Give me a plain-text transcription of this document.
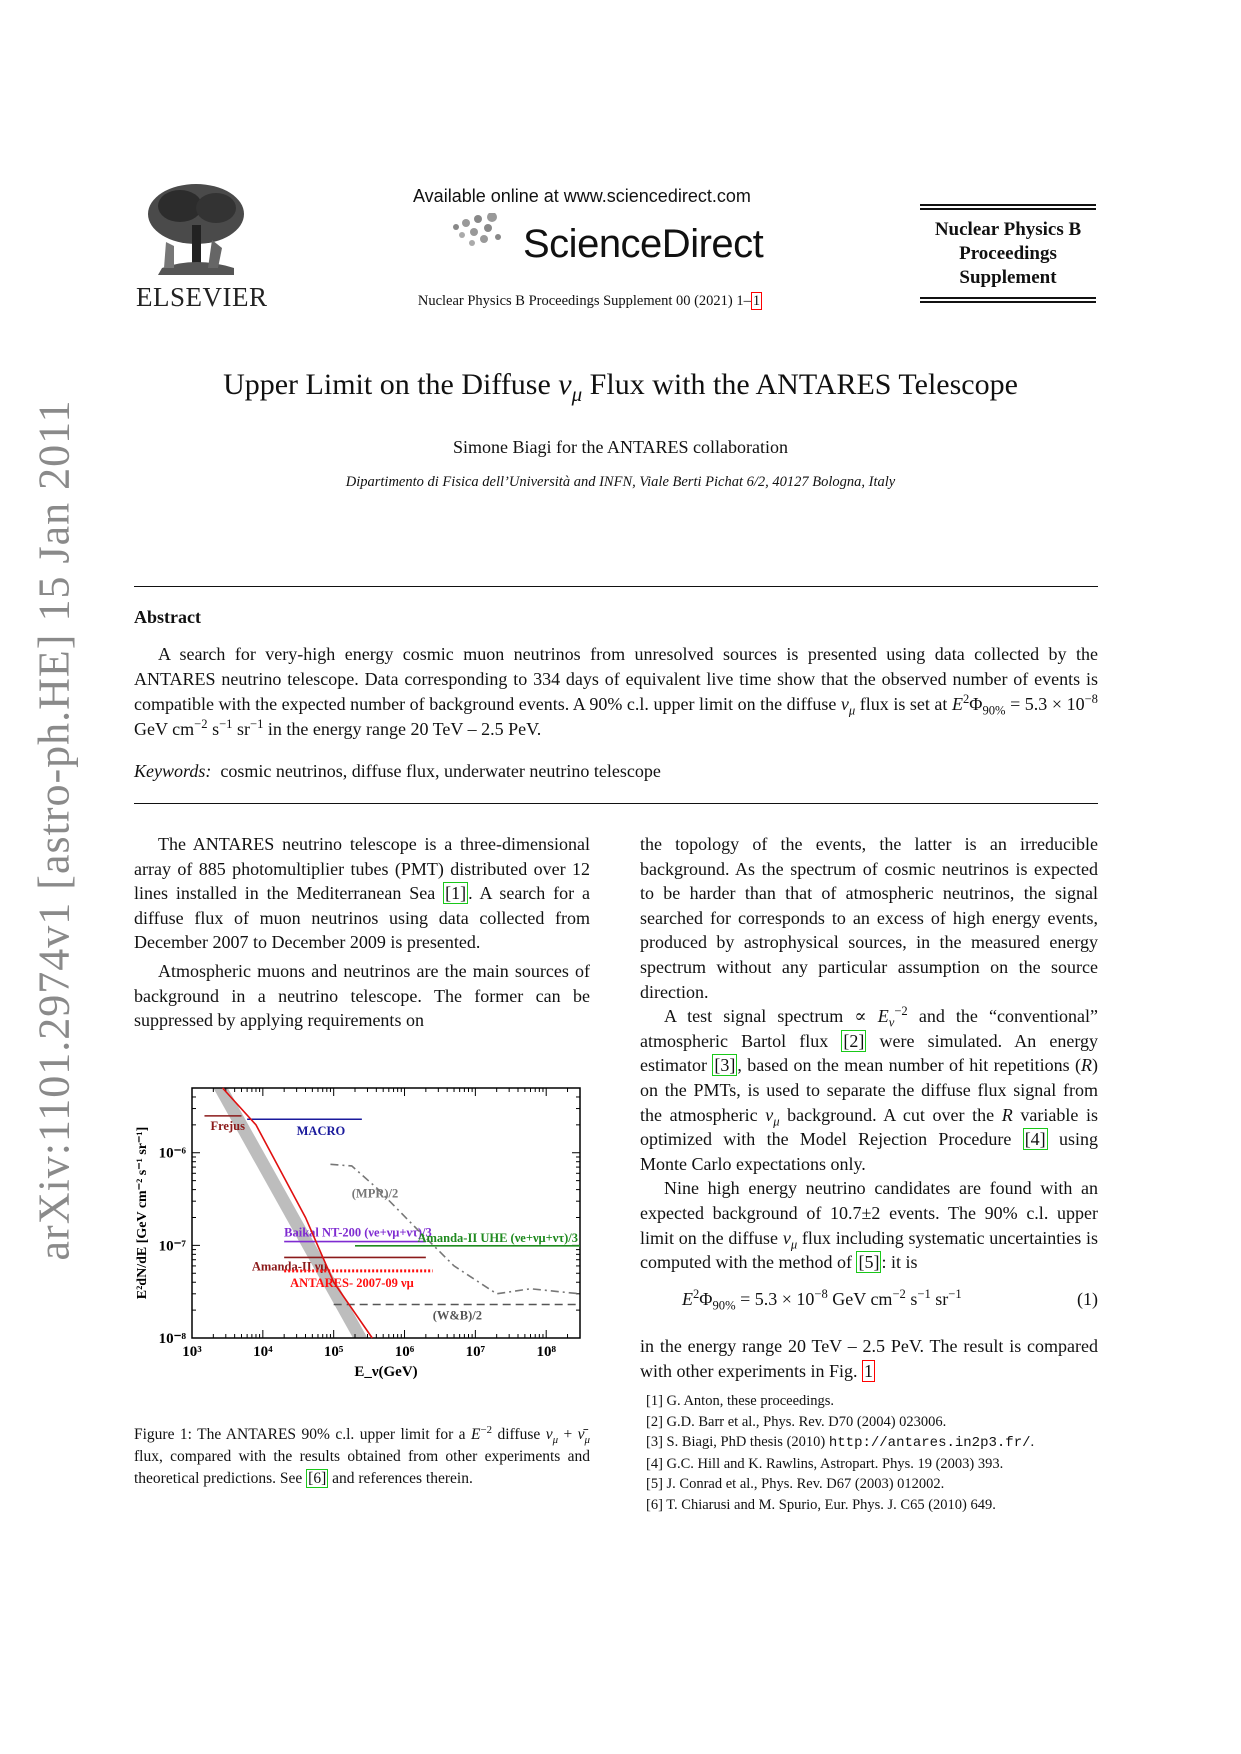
arXiv:1101.2974v1 [astro-ph.HE] 15 Jan 2011
ELSEVIER
Available online at www.sciencedirect.com
ScienceDirect
Nuclear Physics B Proceedings Supplement 00 (2021) 1– 1
Nuclear Physics B
Proceedings
Supplement
Upper Limit on the Diffuse $\nu_\mu$ Flux with the ANTARES Telescope
Simone Biagi for the ANTARES collaboration
Dipartimento di Fisica dell’Università and INFN, Viale Berti Pichat 6/2, 40127 Bologna, Italy
Abstract
A search for very-high energy cosmic muon neutrinos from unresolved sources is presented using data collected by the ANTARES neutrino telescope. Data corresponding to 334 days of equivalent live time show that the observed number of events is compatible with the expected number of background events. A 90% c.l. upper limit on the diffuse $\nu_\mu$ flux is set at $E^2\Phi_{90\%} = 5.3 \times 10^{-8}$ GeV $cm^{-2}$ $s^{-1}$ $sr^{-1}$ in the energy range 20 TeV – 2.5 PeV.
Keywords: cosmic neutrinos, diffuse flux, underwater neutrino telescope

The ANTARES neutrino telescope is a three-dimensional array of 885 photomultiplier tubes (PMT) distributed over 12 lines installed in the Mediterranean Sea [1] . A search for a diffuse flux of muon neutrinos using data collected from December 2007 to December 2009 is presented.

Atmospheric muons and neutrinos are the main sources of background in a neutrino telescope. The former can be suppressed by applying requirements on

10³	10⁴	10⁵	10⁶	10⁷	10⁸
10⁻⁸
10⁻⁷
10⁻⁶
E_ν(GeV)
E²dN/dE [GeV cm⁻² s⁻¹ sr⁻¹]
Frejus	MACRO
(MPR)/2
Baikal NT-200 (νe+νμ+ντ)/3
Amanda-II UHE (νe+νμ+ντ)/3
Amanda-II νμ
ANTARES- 2007-09 νμ
(W&B)/2
Figure 1: The ANTARES 90% c.l. upper limit for a $E^{-2}$ diffuse $\nu_\mu$ + $\nū_\mu$ flux, compared with the results obtained from other experiments and theoretical predictions. See [6] and references therein.

the topology of the events, the latter is an irreducible background. As the spectrum of cosmic neutrinos is expected to be harder than that of atmospheric neutrinos, the signal searched for corresponds to an excess of high energy events, produced by astrophysical sources, in the measured energy spectrum without any particular assumption on the source direction.

A test signal spectrum ∝ $E_\nu^{-2}$ and the “conventional” atmospheric Bartol flux [2] were simulated. An energy estimator [3] , based on the mean number of hit repetitions (R) on the PMTs, is used to separate the diffuse flux signal from the atmospheric $\nu_\mu$ background. A cut over the R variable is optimized with the Model Rejection Procedure [4] using Monte Carlo expectations only.

Nine high energy neutrino candidates are found with an expected background of 10.7±2 events. The 90% c.l. upper limit on the diffuse $\nu_\mu$ flux including systematic uncertainties is computed with the method of [5] : it is

$E^2\Phi_{90\%} = 5.3 \times 10^{-8}$ GeV $cm^{-2}$ $s^{-1}$ $sr^{-1}$	(1)

in the energy range 20 TeV – 2.5 PeV. The result is compared with other experiments in Fig. 1

[1] G. Anton, these proceedings.
[2] G.D. Barr et al., Phys. Rev. D70 (2004) 023006.
[3] S. Biagi, PhD thesis (2010) http://antares.in2p3.fr/.
[4] G.C. Hill and K. Rawlins, Astropart. Phys. 19 (2003) 393.
[5] J. Conrad et al., Phys. Rev. D67 (2003) 012002.
[6] T. Chiarusi and M. Spurio, Eur. Phys. J. C65 (2010) 649.
